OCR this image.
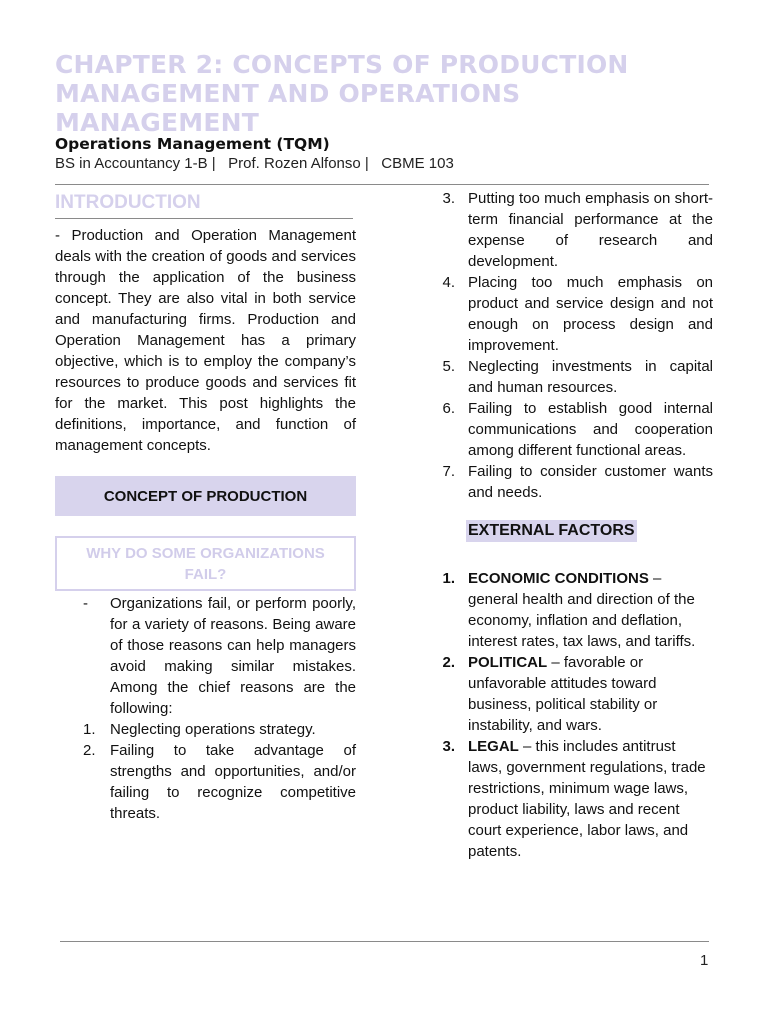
CHAPTER 2: CONCEPTS OF PRODUCTION MANAGEMENT AND OPERATIONS MANAGEMENT
Operations Management (TQM)
BS in Accountancy 1-B |   Prof. Rozen Alfonso |   CBME 103
INTRODUCTION
- Production and Operation Management deals with the creation of goods and services through the application of the business concept. They are also vital in both service and manufacturing firms. Production and Operation Management has a primary objective, which is to employ the company’s resources to produce goods and services fit for the market. This post highlights the definitions, importance, and function of management concepts.
CONCEPT OF PRODUCTION
WHY DO SOME ORGANIZATIONS FAIL?
-	Organizations fail, or perform poorly, for a variety of reasons. Being aware of those reasons can help managers avoid making similar mistakes. Among the chief reasons are the following:
1. Neglecting operations strategy.
2. Failing to take advantage of strengths and opportunities, and/or failing to recognize competitive threats.
3. Putting too much emphasis on short-term financial performance at the expense of research and development.
4. Placing too much emphasis on product and service design and not enough on process design and improvement.
5. Neglecting investments in capital and human resources.
6. Failing to establish good internal communications and cooperation among different functional areas.
7. Failing to consider customer wants and needs.
EXTERNAL FACTORS
1. ECONOMIC CONDITIONS – general health and direction of the economy, inflation and deflation, interest rates, tax laws, and tariffs.
2. POLITICAL – favorable or unfavorable attitudes toward business, political stability or instability, and wars.
3. LEGAL – this includes antitrust laws, government regulations, trade restrictions, minimum wage laws, product liability, laws and recent court experience, labor laws, and patents.
1
